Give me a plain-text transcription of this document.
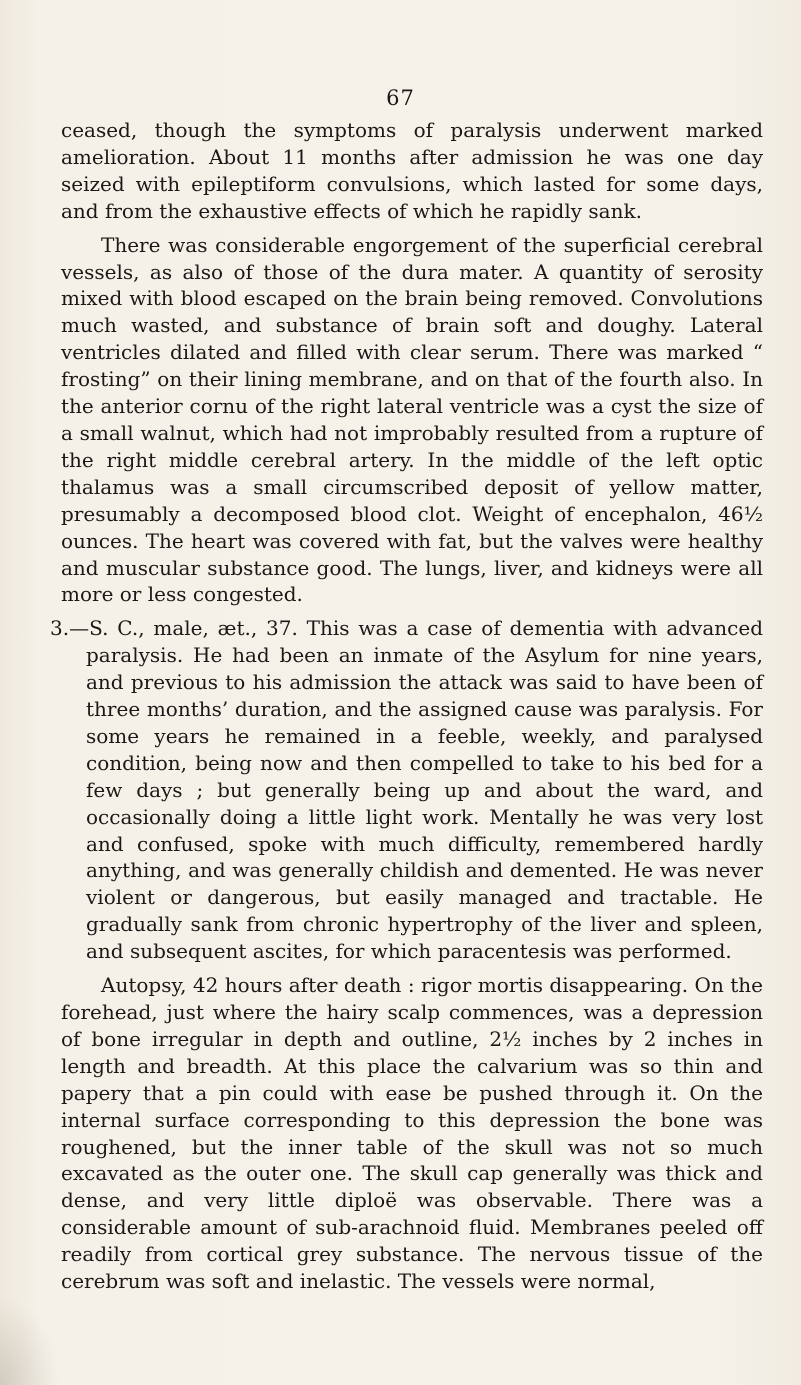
67

ceased, though the symptoms of paralysis underwent marked amelioration. About 11 months after admission he was one day seized with epileptiform convulsions, which lasted for some days, and from the exhaustive effects of which he rapidly sank.

There was considerable engorgement of the superficial cerebral vessels, as also of those of the dura mater. A quantity of serosity mixed with blood escaped on the brain being removed. Convolutions much wasted, and substance of brain soft and doughy. Lateral ventricles dilated and filled with clear serum. There was marked “ frosting” on their lining membrane, and on that of the fourth also. In the anterior cornu of the right lateral ventricle was a cyst the size of a small walnut, which had not improbably resulted from a rupture of the right middle cerebral artery. In the middle of the left optic thalamus was a small circumscribed deposit of yellow matter, presumably a decomposed blood clot. Weight of encephalon, 46½ ounces. The heart was covered with fat, but the valves were healthy and muscular substance good. The lungs, liver, and kidneys were all more or less congested.

3.—S. C., male, æt., 37. This was a case of dementia with advanced paralysis. He had been an inmate of the Asylum for nine years, and previous to his admission the attack was said to have been of three months’ duration, and the assigned cause was paralysis. For some years he remained in a feeble, weekly, and paralysed condition, being now and then compelled to take to his bed for a few days ; but generally being up and about the ward, and occasionally doing a little light work. Mentally he was very lost and confused, spoke with much difficulty, remembered hardly anything, and was generally childish and demented. He was never violent or dangerous, but easily managed and tractable. He gradually sank from chronic hypertrophy of the liver and spleen, and subsequent ascites, for which paracentesis was performed.

Autopsy, 42 hours after death : rigor mortis disappearing. On the forehead, just where the hairy scalp commences, was a depression of bone irregular in depth and outline, 2½ inches by 2 inches in length and breadth. At this place the calvarium was so thin and papery that a pin could with ease be pushed through it. On the internal surface corresponding to this depression the bone was roughened, but the inner table of the skull was not so much excavated as the outer one. The skull cap generally was thick and dense, and very little diploë was observable. There was a considerable amount of sub-arachnoid fluid. Membranes peeled off readily from cortical grey substance. The nervous tissue of the cerebrum was soft and inelastic. The vessels were normal,
